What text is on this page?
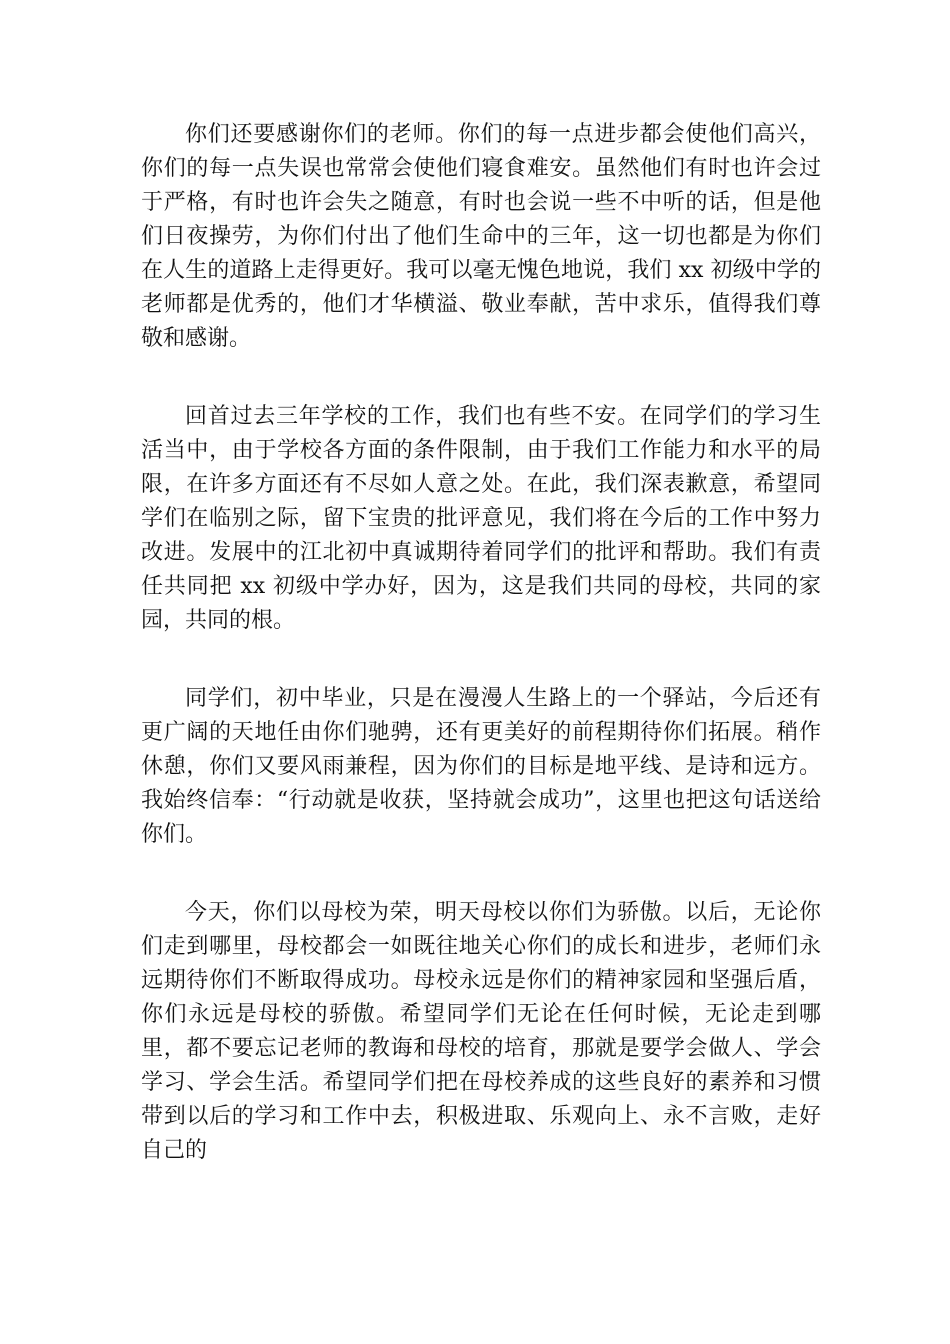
你们还要感谢你们的老师。你们的每一点进步都会使他们高兴，你们的每一点失误也常常会使他们寝食难安。虽然他们有时也许会过于严格，有时也许会失之随意，有时也会说一些不中听的话，但是他们日夜操劳，为你们付出了他们生命中的三年，这一切也都是为你们在人生的道路上走得更好。我可以毫无愧色地说，我们 xx 初级中学的老师都是优秀的，他们才华横溢、敬业奉献，苦中求乐，值得我们尊敬和感谢。

回首过去三年学校的工作，我们也有些不安。在同学们的学习生活当中，由于学校各方面的条件限制，由于我们工作能力和水平的局限，在许多方面还有不尽如人意之处。在此，我们深表歉意，希望同学们在临别之际，留下宝贵的批评意见，我们将在今后的工作中努力改进。发展中的江北初中真诚期待着同学们的批评和帮助。我们有责任共同把 xx 初级中学办好，因为，这是我们共同的母校，共同的家园，共同的根。

同学们，初中毕业，只是在漫漫人生路上的一个驿站，今后还有更广阔的天地任由你们驰骋，还有更美好的前程期待你们拓展。稍作休憩，你们又要风雨兼程，因为你们的目标是地平线、是诗和远方。我始终信奉：“行动就是收获，坚持就会成功”，这里也把这句话送给你们。

今天，你们以母校为荣，明天母校以你们为骄傲。以后，无论你们走到哪里，母校都会一如既往地关心你们的成长和进步，老师们永远期待你们不断取得成功。母校永远是你们的精神家园和坚强后盾，你们永远是母校的骄傲。希望同学们无论在任何时候，无论走到哪里，都不要忘记老师的教诲和母校的培育，那就是要学会做人、学会学习、学会生活。希望同学们把在母校养成的这些良好的素养和习惯带到以后的学习和工作中去，积极进取、乐观向上、永不言败，走好自己的
